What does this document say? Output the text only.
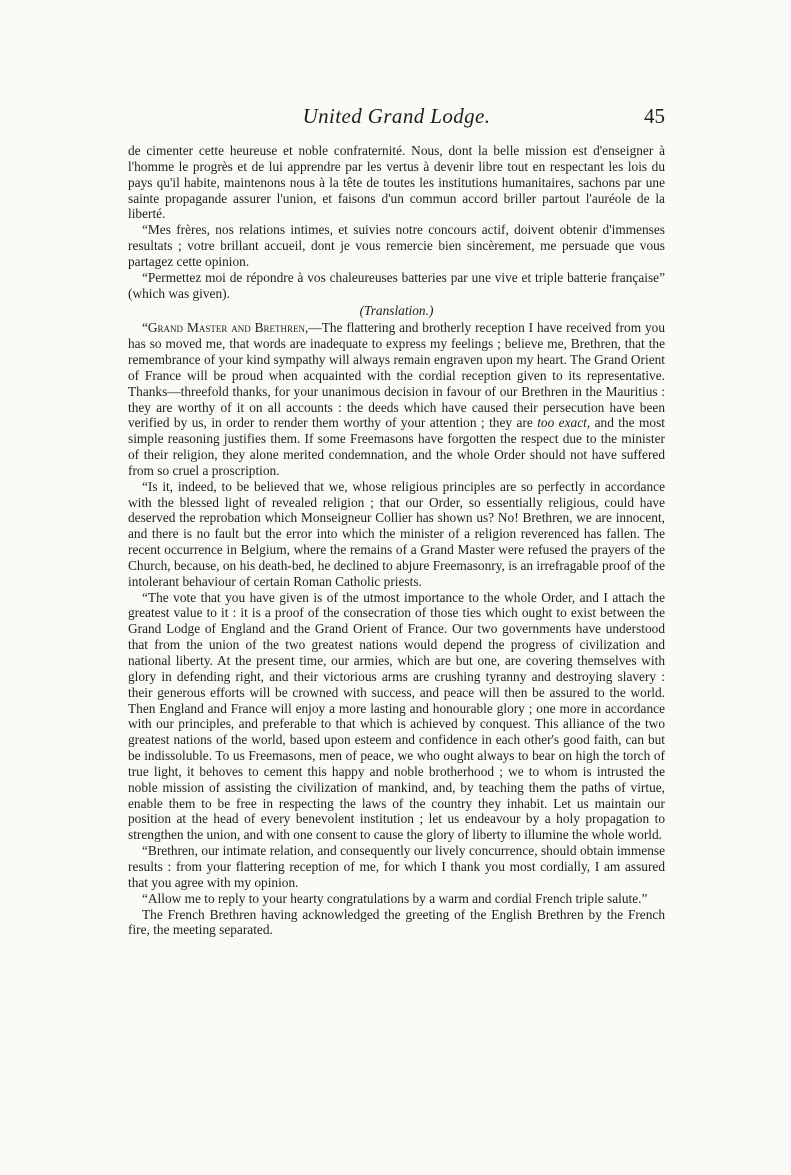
United Grand Lodge.	45

de cimenter cette heureuse et noble confraternité. Nous, dont la belle mission est d'enseigner à l'homme le progrès et de lui apprendre par les vertus à devenir libre tout en respectant les lois du pays qu'il habite, maintenons nous à la tête de toutes les institutions humanitaires, sachons par une sainte propagande assurer l'union, et faisons d'un commun accord briller partout l'auréole de la liberté.

“Mes frères, nos relations intimes, et suivies notre concours actif, doivent obtenir d'immenses resultats ; votre brillant accueil, dont je vous remercie bien sincèrement, me persuade que vous partagez cette opinion.

“Permettez moi de répondre à vos chaleureuses batteries par une vive et triple batterie française” (which was given).

(Translation.)

“Grand Master and Brethren,—The flattering and brotherly reception I have received from you has so moved me, that words are inadequate to express my feelings ; believe me, Brethren, that the remembrance of your kind sympathy will always remain engraven upon my heart. The Grand Orient of France will be proud when acquainted with the cordial reception given to its representative. Thanks—threefold thanks, for your unanimous decision in favour of our Brethren in the Mauritius : they are worthy of it on all accounts : the deeds which have caused their persecution have been verified by us, in order to render them worthy of your attention ; they are too exact, and the most simple reasoning justifies them. If some Freemasons have forgotten the respect due to the minister of their religion, they alone merited condemnation, and the whole Order should not have suffered from so cruel a proscription.

“Is it, indeed, to be believed that we, whose religious principles are so perfectly in accordance with the blessed light of revealed religion ; that our Order, so essentially religious, could have deserved the reprobation which Monseigneur Collier has shown us? No! Brethren, we are innocent, and there is no fault but the error into which the minister of a religion reverenced has fallen. The recent occurrence in Belgium, where the remains of a Grand Master were refused the prayers of the Church, because, on his death-bed, he declined to abjure Freemasonry, is an irrefragable proof of the intolerant behaviour of certain Roman Catholic priests.

“The vote that you have given is of the utmost importance to the whole Order, and I attach the greatest value to it : it is a proof of the consecration of those ties which ought to exist between the Grand Lodge of England and the Grand Orient of France. Our two governments have understood that from the union of the two greatest nations would depend the progress of civilization and national liberty. At the present time, our armies, which are but one, are covering themselves with glory in defending right, and their victorious arms are crushing tyranny and destroying slavery : their generous efforts will be crowned with success, and peace will then be assured to the world. Then England and France will enjoy a more lasting and honourable glory ; one more in accordance with our principles, and preferable to that which is achieved by conquest. This alliance of the two greatest nations of the world, based upon esteem and confidence in each other's good faith, can but be indissoluble. To us Freemasons, men of peace, we who ought always to bear on high the torch of true light, it behoves to cement this happy and noble brotherhood ; we to whom is intrusted the noble mission of assisting the civilization of mankind, and, by teaching them the paths of virtue, enable them to be free in respecting the laws of the country they inhabit. Let us maintain our position at the head of every benevolent institution ; let us endeavour by a holy propagation to strengthen the union, and with one consent to cause the glory of liberty to illumine the whole world.

“Brethren, our intimate relation, and consequently our lively concurrence, should obtain immense results : from your flattering reception of me, for which I thank you most cordially, I am assured that you agree with my opinion.

“Allow me to reply to your hearty congratulations by a warm and cordial French triple salute.”

The French Brethren having acknowledged the greeting of the English Brethren by the French fire, the meeting separated.
